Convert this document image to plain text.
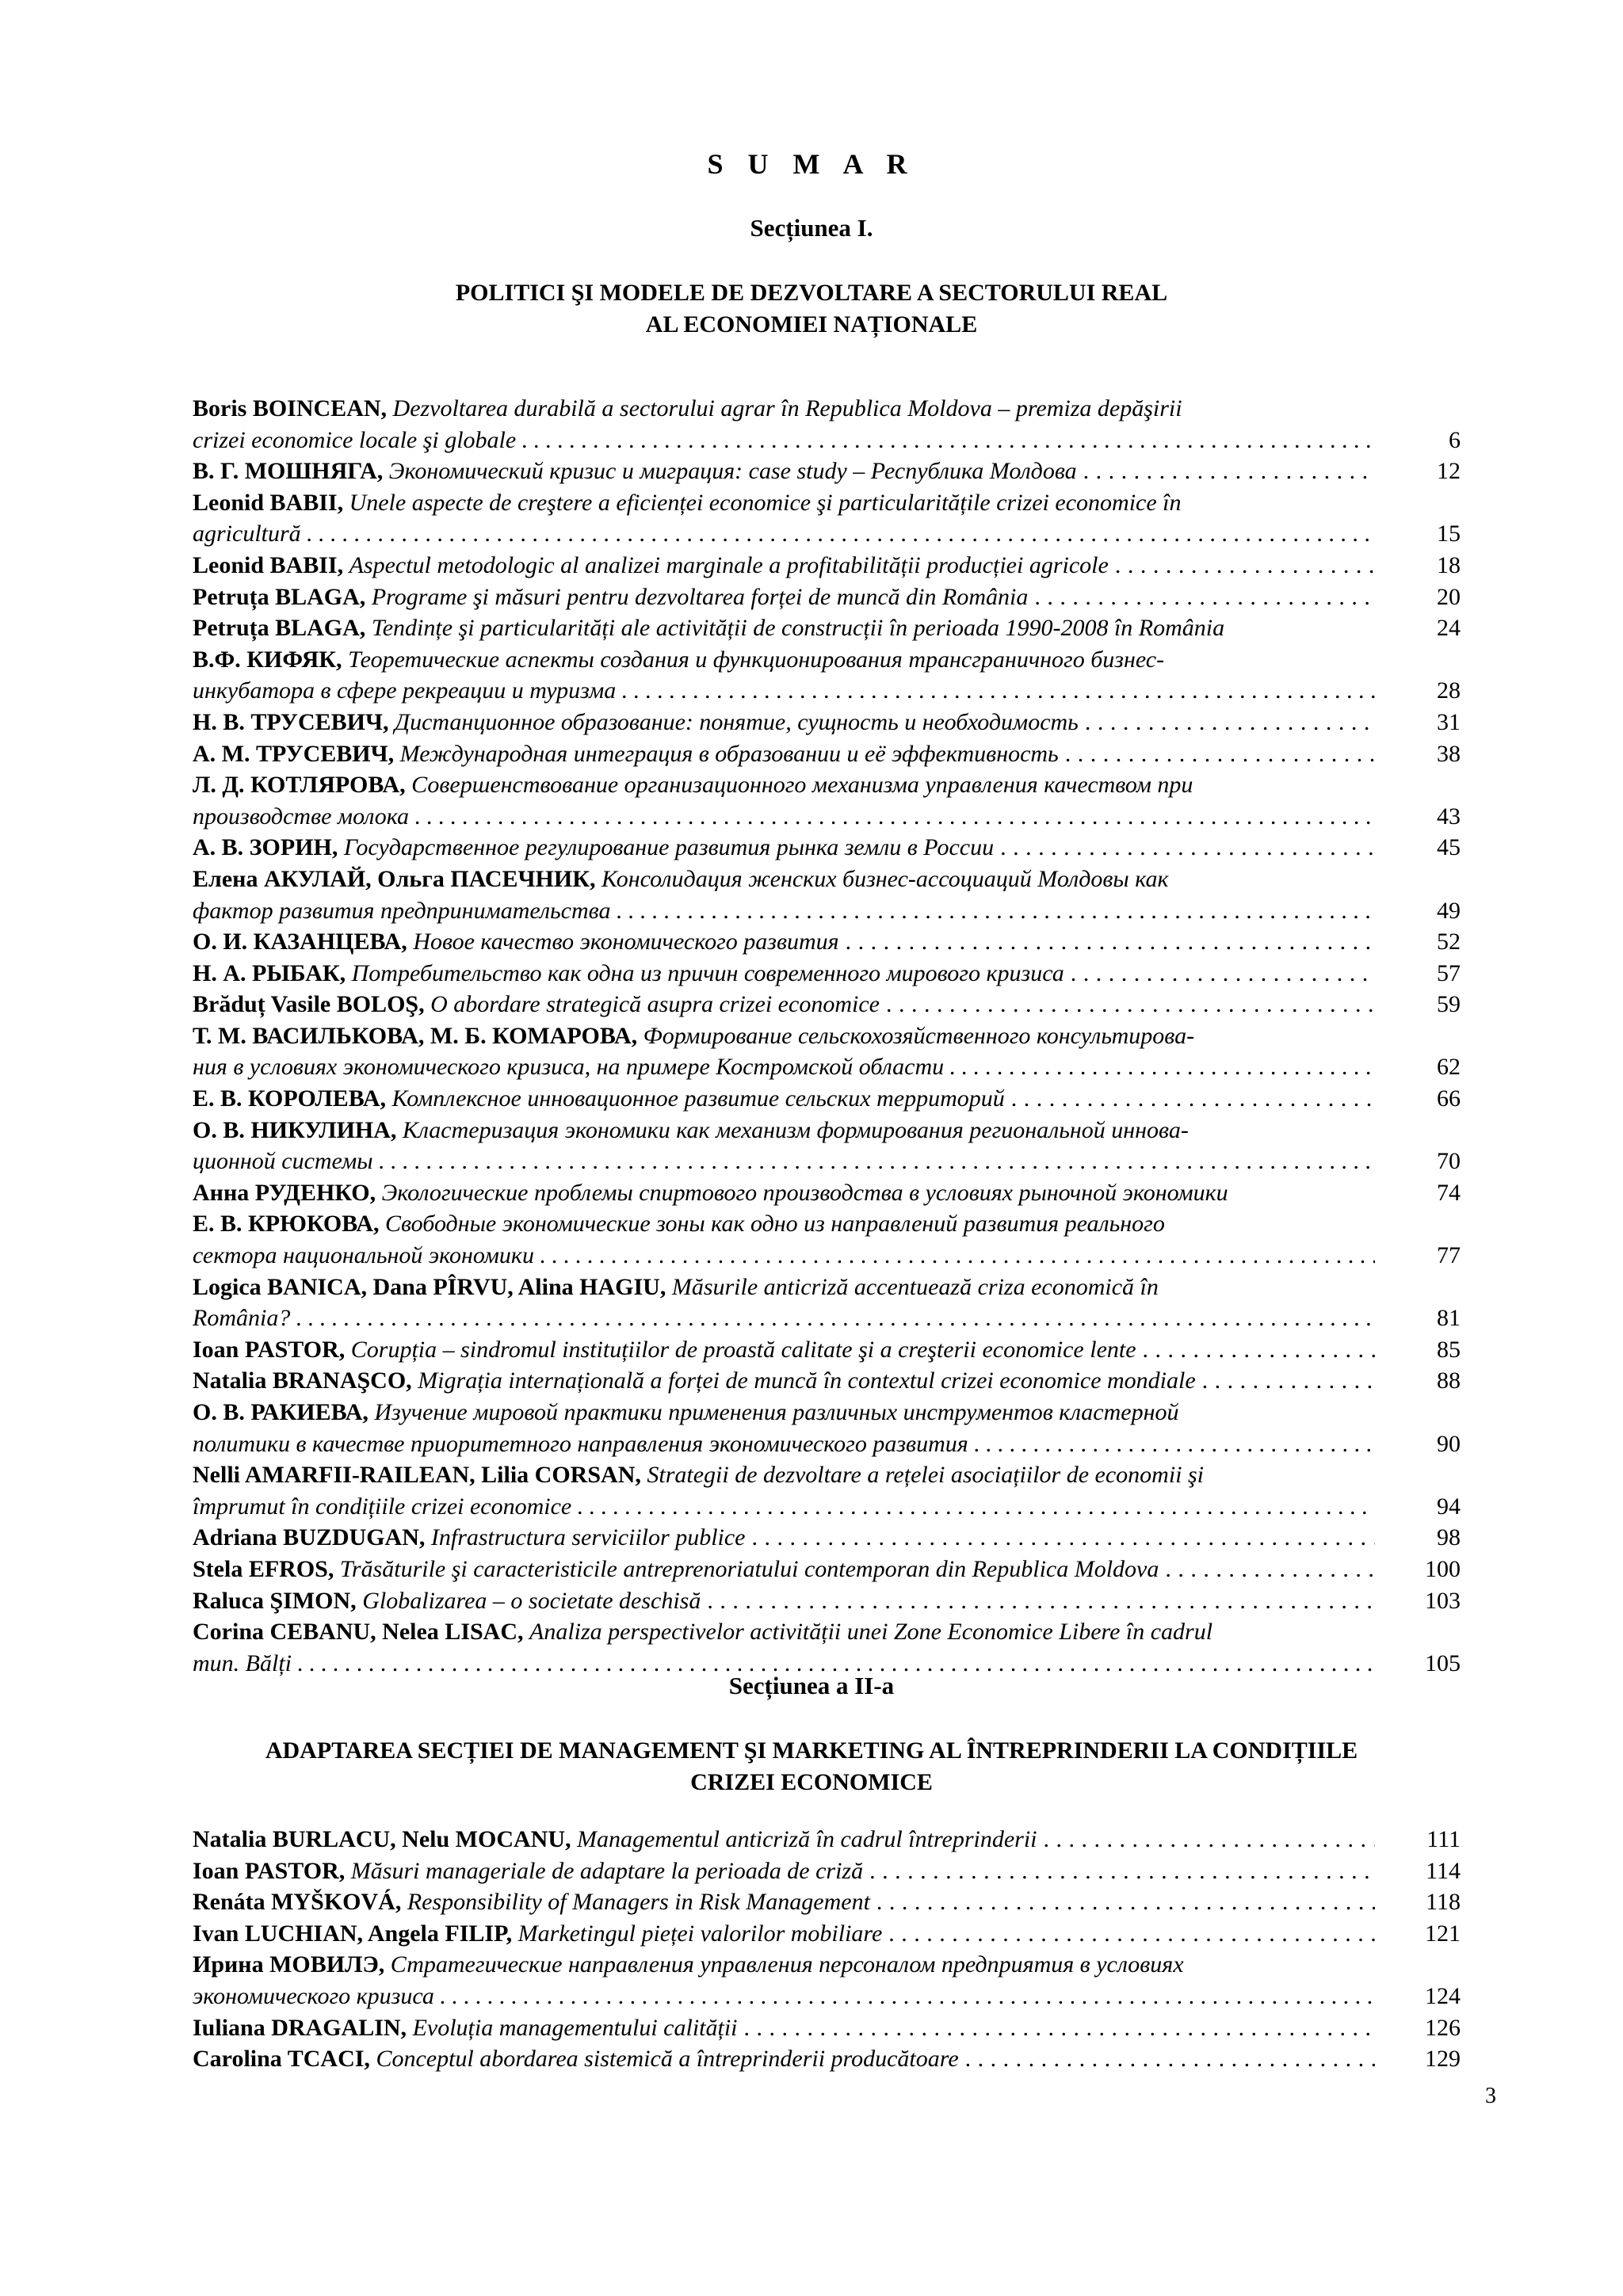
S U M A R
Secțiunea I.
POLITICI ŞI MODELE DE DEZVOLTARE A SECTORULUI REAL
AL ECONOMIEI NAȚIONALE
Boris BOINCEAN, Dezvoltarea durabilă a sectorului agrar în Republica Moldova – premiza depăşirii
crizei economice locale şi globale . . .	6
В. Г. МОШНЯГА, Экономический кризис и миграция: case study – Республика Молдова . . .	12
Leonid BABII, Unele aspecte de creştere a eficienței economice şi particularitățile crizei economice în
agricultură . . .	15
Leonid BABII, Aspectul metodologic al analizei marginale a profitabilității producției agricole . . .	18
Petruța BLAGA, Programe şi măsuri pentru dezvoltarea forței de muncă din România . . .	20
Petruța BLAGA, Tendințe şi particularități ale activității de construcții în perioada 1990-2008 în România	24
В.Ф. КИФЯК, Теоретические аспекты создания и функционирования трансграничного бизнес-
инкубатора в сфере рекреации и туризма . . .	28
Н. В. ТРУСЕВИЧ, Дистанционное образование: понятие, сущность и необходимость . . .	31
А. М. ТРУСЕВИЧ, Международная интеграция в образовании и её эффективность . . .	38
Л. Д. КОТЛЯРОВА, Совершенствование организационного механизма управления качеством при
производстве молока . . .	43
А. В. ЗОРИН, Государственное регулирование развития рынка земли в России . . .	45
Елена АКУЛАЙ, Ольга ПАСЕЧНИК, Консолидация женских бизнес-ассоциаций Молдовы как
фактор развития предпринимательства . . .	49
О. И. КАЗАНЦЕВА, Новое качество экономического развития . . .	52
Н. А. РЫБАК, Потребительство как одна из причин современного мирового кризиса . . .	57
Brăduț Vasile BOLOŞ, O abordare strategică asupra crizei economice . . .	59
Т. М. ВАСИЛЬКОВА, М. Б. КОМАРОВА, Формирование сельскохозяйственного консультирова-
ния в условиях экономического кризиса, на примере Костромской области . . .	62
Е. В. КОРОЛЕВА, Комплексное инновационное развитие сельских территорий . . .	66
О. В. НИКУЛИНА, Кластеризация экономики как механизм формирования региональной иннова-
ционной системы . . .	70
Анна РУДЕНКО, Экологические проблемы спиртового производства в условиях рыночной экономики	74
Е. В. КРЮКОВА, Свободные экономические зоны как одно из направлений развития реального
сектора национальной экономики . . .	77
Logica BANICA, Dana PÎRVU, Alina HAGIU, Măsurile anticriză accentuează criza economică în
România? . . .	81
Ioan PASTOR, Corupția – sindromul instituțiilor de proastă calitate şi a creşterii economice lente . . .	85
Natalia BRANAŞCO, Migrația internațională a forței de muncă în contextul crizei economice mondiale . . .	88
О. В. РАКИЕВА, Изучение мировой практики применения различных инструментов кластерной
политики в качестве приоритетного направления экономического развития . . .	90
Nelli AMARFII-RAILEAN, Lilia CORSAN, Strategii de dezvoltare a rețelei asociațiilor de economii şi
împrumut în condițiile crizei economice . . .	94
Adriana BUZDUGAN, Infrastructura serviciilor publice . . .	98
Stela EFROS, Trăsăturile şi caracteristicile antreprenoriatului contemporan din Republica Moldova . . .	100
Raluca ŞIMON, Globalizarea – o societate deschisă . . .	103
Corina CEBANU, Nelea LISAC, Analiza perspectivelor activității unei Zone Economice Libere în cadrul
mun. Bălți . . .	105
Secțiunea a II-a
ADAPTAREA SECȚIEI DE MANAGEMENT ŞI MARKETING AL ÎNTREPRINDERII LA CONDIȚIILE
CRIZEI ECONOMICE
Natalia BURLACU, Nelu MOCANU, Managementul anticriză în cadrul întreprinderii . . .	111
Ioan PASTOR, Măsuri manageriale de adaptare la perioada de criză . . .	114
Renáta MYŠKOVÁ, Responsibility of Managers in Risk Management . . .	118
Ivan LUCHIAN, Angela FILIP, Marketingul pieței valorilor mobiliare . . .	121
Ирина МОВИЛЭ, Стратегические направления управления персоналом предприятия в условиях
экономического кризиса . . .	124
Iuliana DRAGALIN, Evoluția managementului calității . . .	126
Carolina TCACI, Conceptul abordarea sistemică a întreprinderii producătoare . . .	129
3
